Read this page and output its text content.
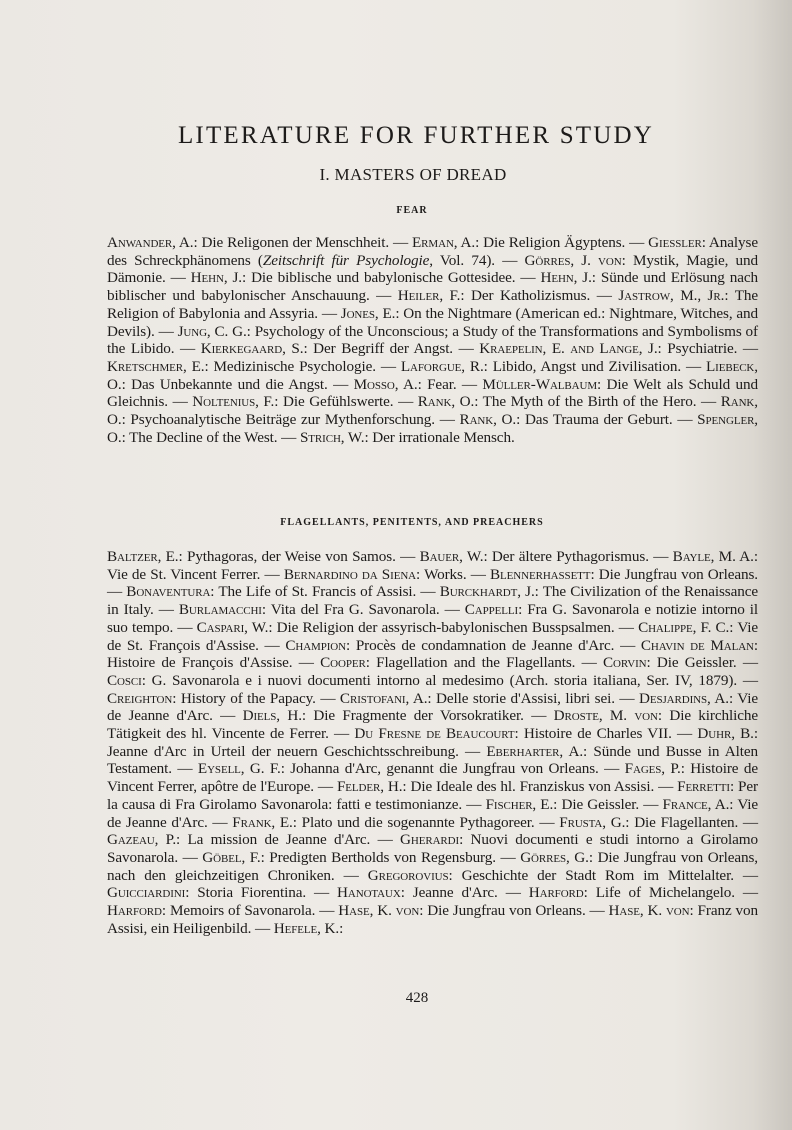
LITERATURE FOR FURTHER STUDY
I. MASTERS OF DREAD
FEAR
Anwander, A.: Die Religonen der Menschheit. — Erman, A.: Die Religion Ägyptens. — Giessler: Analyse des Schreckphänomens (Zeitschrift für Psychologie, Vol. 74). — Görres, J. von: Mystik, Magie, und Dämonie. — Hehn, J.: Die biblische und babylonische Gottesidee. — Hehn, J.: Sünde und Erlösung nach biblischer und babylonischer Anschauung. — Heiler, F.: Der Katholizismus. — Jastrow, M., Jr.: The Religion of Babylonia and Assyria. — Jones, E.: On the Nightmare (American ed.: Nightmare, Witches, and Devils). — Jung, C. G.: Psychology of the Unconscious; a Study of the Transformations and Symbolisms of the Libido. — Kierkegaard, S.: Der Begriff der Angst. — Kraepelin, E. and Lange, J.: Psychiatrie. — Kretschmer, E.: Medizinische Psychologie. — Laforgue, R.: Libido, Angst und Zivilisation. — Liebeck, O.: Das Unbekannte und die Angst. — Mosso, A.: Fear. — Müller-Walbaum: Die Welt als Schuld und Gleichnis. — Noltenius, F.: Die Gefühlswerte. — Rank, O.: The Myth of the Birth of the Hero. — Rank, O.: Psychoanalytische Beiträge zur Mythenforschung. — Rank, O.: Das Trauma der Geburt. — Spengler, O.: The Decline of the West. — Strich, W.: Der irrationale Mensch.
FLAGELLANTS, PENITENTS, AND PREACHERS
Baltzer, E.: Pythagoras, der Weise von Samos. — Bauer, W.: Der ältere Pythagorismus. — Bayle, M. A.: Vie de St. Vincent Ferrer. — Bernardino da Siena: Works. — Blennerhassett: Die Jungfrau von Orleans. — Bonaventura: The Life of St. Francis of Assisi. — Burckhardt, J.: The Civilization of the Renaissance in Italy. — Burlamacchi: Vita del Fra G. Savonarola. — Cappelli: Fra G. Savonarola e notizie intorno il suo tempo. — Caspari, W.: Die Religion der assyrisch-babylonischen Busspsalmen. — Chalippe, F. C.: Vie de St. François d'Assise. — Champion: Procès de condamnation de Jeanne d'Arc. — Chavin de Malan: Histoire de François d'Assise. — Cooper: Flagellation and the Flagellants. — Corvin: Die Geissler. — Cosci: G. Savonarola e i nuovi documenti intorno al medesimo (Arch. storia italiana, Ser. IV, 1879). — Creighton: History of the Papacy. — Cristofani, A.: Delle storie d'Assisi, libri sei. — Desjardins, A.: Vie de Jeanne d'Arc. — Diels, H.: Die Fragmente der Vorsokratiker. — Droste, M. von: Die kirchliche Tätigkeit des hl. Vincente de Ferrer. — Du Fresne de Beaucourt: Histoire de Charles VII. — Duhr, B.: Jeanne d'Arc in Urteil der neuern Geschichtsschreibung. — Eberharter, A.: Sünde und Busse in Alten Testament. — Eysell, G. F.: Johanna d'Arc, genannt die Jungfrau von Orleans. — Fages, P.: Histoire de Vincent Ferrer, apôtre de l'Europe. — Felder, H.: Die Ideale des hl. Franziskus von Assisi. — Ferretti: Per la causa di Fra Girolamo Savonarola: fatti e testimonianze. — Fischer, E.: Die Geissler. — France, A.: Vie de Jeanne d'Arc. — Frank, E.: Plato und die sogenannte Pythagoreer. — Frusta, G.: Die Flagellanten. — Gazeau, P.: La mission de Jeanne d'Arc. — Gherardi: Nuovi documenti e studi intorno a Girolamo Savonarola. — Göbel, F.: Predigten Bertholds von Regensburg. — Görres, G.: Die Jungfrau von Orleans, nach den gleichzeitigen Chroniken. — Gregorovius: Geschichte der Stadt Rom im Mittelalter. — Guicciardini: Storia Fiorentina. — Hanotaux: Jeanne d'Arc. — Harford: Life of Michelangelo. — Harford: Memoirs of Savonarola. — Hase, K. von: Die Jungfrau von Orleans. — Hase, K. von: Franz von Assisi, ein Heiligenbild. — Hefele, K.:
428
